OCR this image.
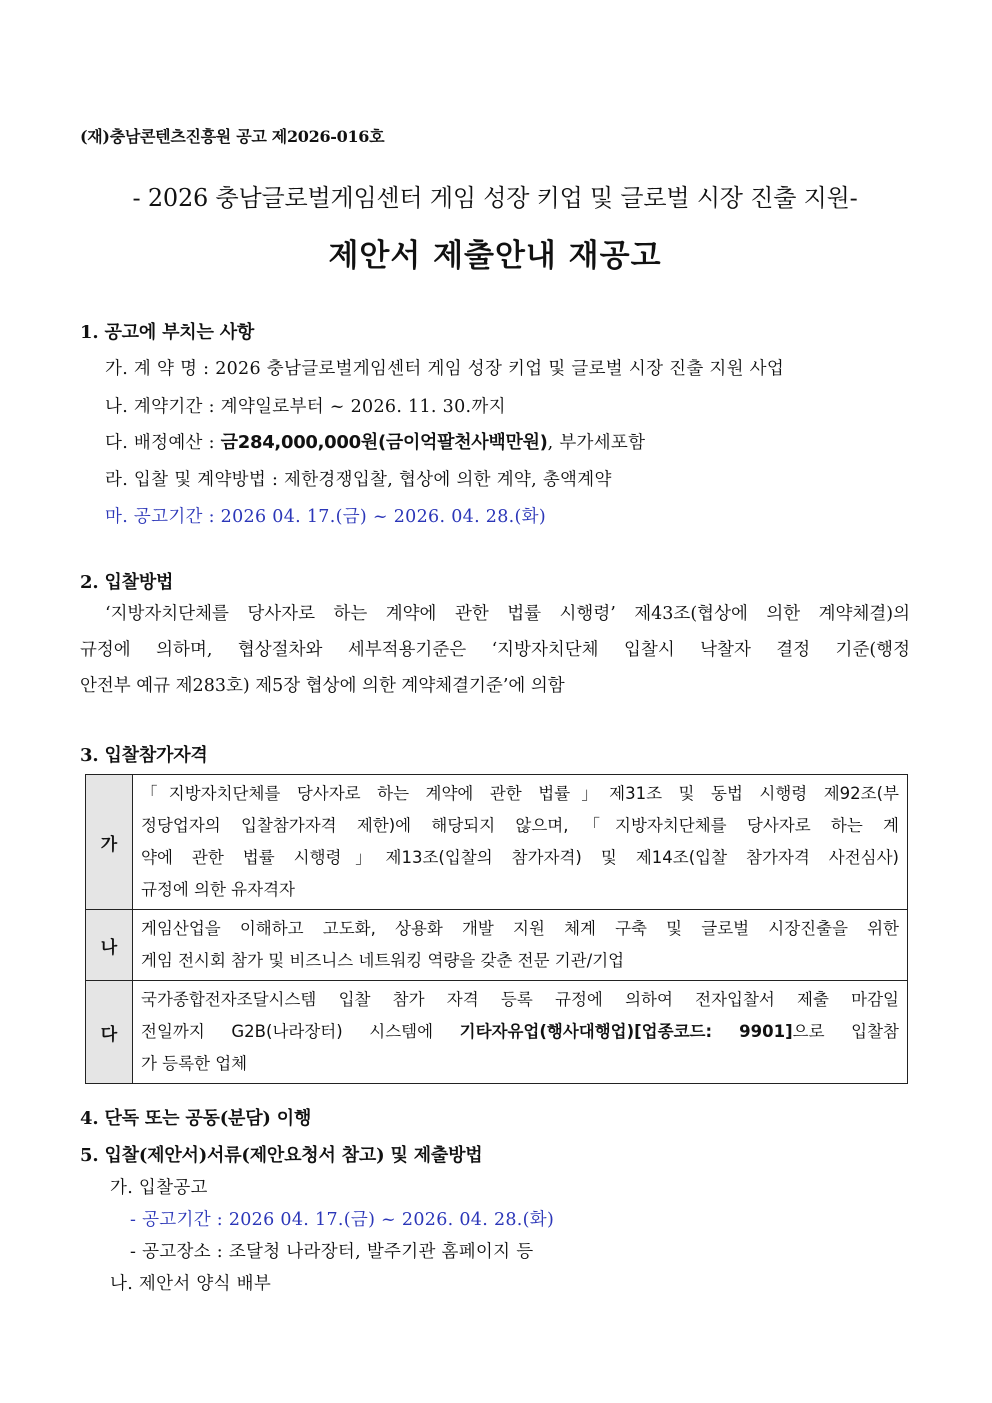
(재)충남콘텐츠진흥원 공고 제2026-016호
- 2026 충남글로벌게임센터 게임 성장 키업 및 글로벌 시장 진출 지원-
제안서 제출안내 재공고
1. 공고에 부치는 사항
가. 계 약 명 : 2026 충남글로벌게임센터 게임 성장 키업 및 글로벌 시장 진출 지원 사업
나. 계약기간 : 계약일로부터 ~ 2026. 11. 30.까지
다. 배정예산 : 금284,000,000원(금이억팔천사백만원), 부가세포함
라. 입찰 및 계약방법 : 제한경쟁입찰, 협상에 의한 계약, 총액계약
마. 공고기간 : 2026 04. 17.(금) ~ 2026. 04. 28.(화)
2. 입찰방법
‘지방자치단체를 당사자로 하는 계약에 관한 법률 시행령’ 제43조(협상에 의한 계약체결)의
규정에 의하며, 협상절차와 세부적용기준은 ‘지방자치단체 입찰시 낙찰자 결정 기준(행정
안전부 예규 제283호) 제5장 협상에 의한 계약체결기준’에 의함
3. 입찰참가자격
가	「지방자치단체를 당사자로 하는 계약에 관한 법률」제31조 및 동법 시행령 제92조(부
정당업자의 입찰참가자격 제한)에 해당되지 않으며,「지방자치단체를 당사자로 하는 계
약에 관한 법률 시행령」제13조(입찰의 참가자격) 및 제14조(입찰 참가자격 사전심사)
규정에 의한 유자격자

나	게임산업을 이해하고 고도화, 상용화 개발 지원 체계 구축 및 글로벌 시장진출을 위한
게임 전시회 참가 및 비즈니스 네트워킹 역량을 갖춘 전문 기관/기업

다	국가종합전자조달시스템 입찰 참가 자격 등록 규정에 의하여 전자입찰서 제출 마감일
전일까지 G2B(나라장터) 시스템에 기타자유업(행사대행업)[업종코드: 9901]으로 입찰참
가 등록한 업체
4. 단독 또는 공동(분담) 이행
5. 입찰(제안서)서류(제안요청서 참고) 및 제출방법
가. 입찰공고
- 공고기간 : 2026 04. 17.(금) ~ 2026. 04. 28.(화)
- 공고장소 : 조달청 나라장터, 발주기관 홈페이지 등
나. 제안서 양식 배부
